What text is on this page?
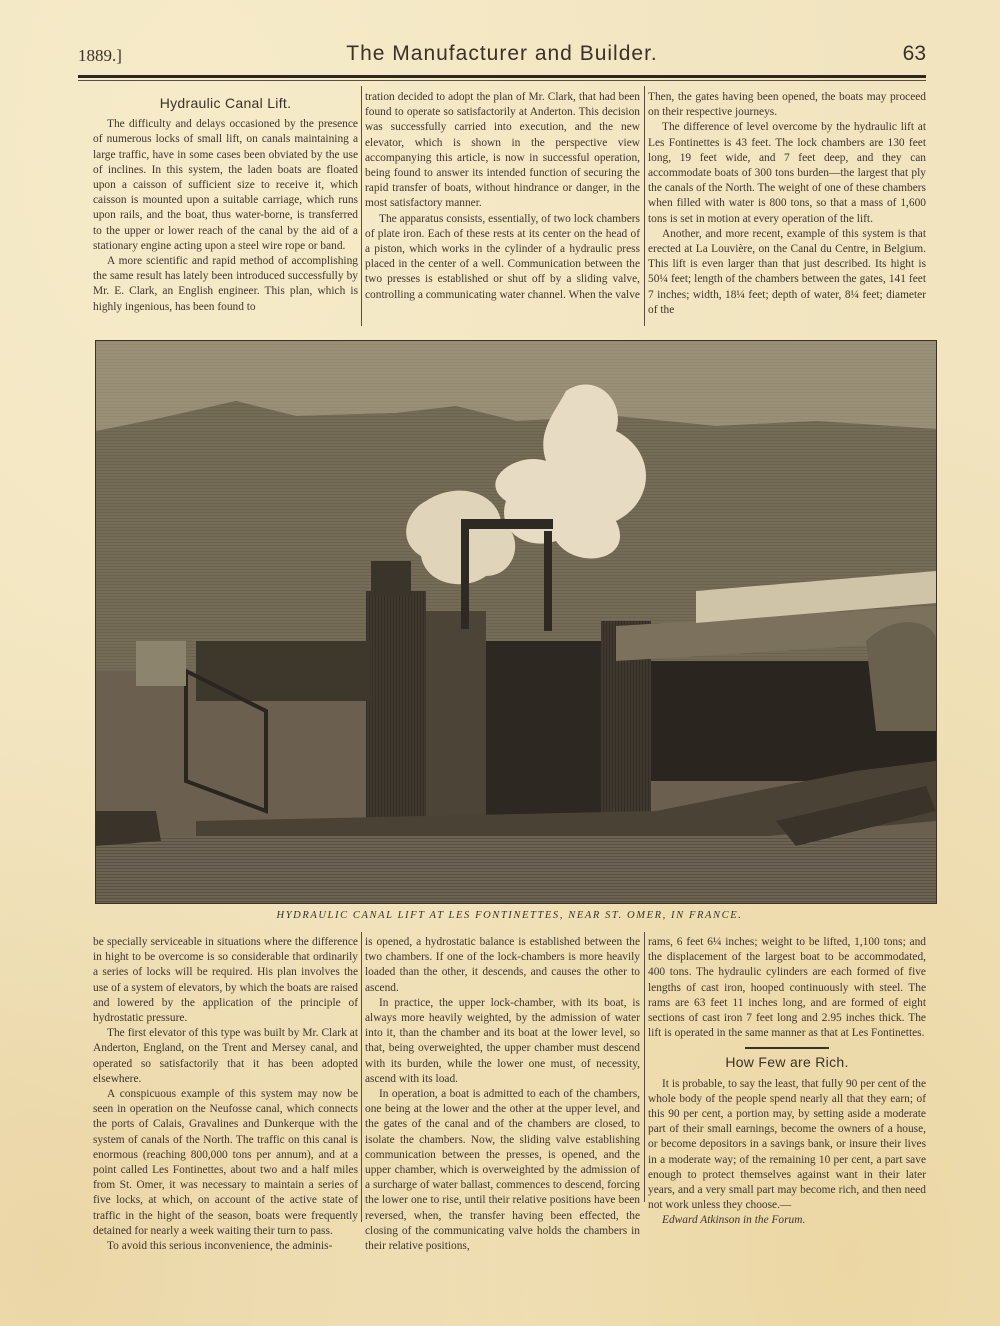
1889.]	The Manufacturer and Builder.	63
Hydraulic Canal Lift.

The difficulty and delays occasioned by the presence of numerous locks of small lift, on canals maintaining a large traffic, have in some cases been obviated by the use of inclines. In this system, the laden boats are floated upon a caisson of sufficient size to receive it, which caisson is mounted upon a suitable carriage, which runs upon rails, and the boat, thus water-borne, is transferred to the upper or lower reach of the canal by the aid of a stationary engine acting upon a steel wire rope or band.

A more scientific and rapid method of accomplishing the same result has lately been introduced successfully by Mr. E. Clark, an English engineer. This plan, which is highly ingenious, has been found to

tration decided to adopt the plan of Mr. Clark, that had been found to operate so satisfactorily at Anderton. This decision was successfully carried into execution, and the new elevator, which is shown in the perspective view accompanying this article, is now in successful operation, being found to answer its intended function of securing the rapid transfer of boats, without hindrance or danger, in the most satisfactory manner.

The apparatus consists, essentially, of two lock chambers of plate iron. Each of these rests at its center on the head of a piston, which works in the cylinder of a hydraulic press placed in the center of a well. Communication between the two presses is established or shut off by a sliding valve, controlling a communicating water channel. When the valve

Then, the gates having been opened, the boats may proceed on their respective journeys.

The difference of level overcome by the hydraulic lift at Les Fontinettes is 43 feet. The lock chambers are 130 feet long, 19 feet wide, and 7 feet deep, and they can accommodate boats of 300 tons burden—the largest that ply the canals of the North. The weight of one of these chambers when filled with water is 800 tons, so that a mass of 1,600 tons is set in motion at every operation of the lift.

Another, and more recent, example of this system is that erected at La Louvière, on the Canal du Centre, in Belgium. This lift is even larger than that just described. Its hight is 50¼ feet; length of the chambers between the gates, 141 feet 7 inches; width, 18¼ feet; depth of water, 8¼ feet; diameter of the

HYDRAULIC CANAL LIFT AT LES FONTINETTES, NEAR ST. OMER, IN FRANCE.

be specially serviceable in situations where the difference in hight to be overcome is so considerable that ordinarily a series of locks will be required. His plan involves the use of a system of elevators, by which the boats are raised and lowered by the application of the principle of hydrostatic pressure.

The first elevator of this type was built by Mr. Clark at Anderton, England, on the Trent and Mersey canal, and operated so satisfactorily that it has been adopted elsewhere.

A conspicuous example of this system may now be seen in operation on the Neufosse canal, which connects the ports of Calais, Gravalines and Dunkerque with the system of canals of the North. The traffic on this canal is enormous (reaching 800,000 tons per annum), and at a point called Les Fontinettes, about two and a half miles from St. Omer, it was necessary to maintain a series of five locks, at which, on account of the active state of traffic in the hight of the season, boats were frequently detained for nearly a week waiting their turn to pass.

To avoid this serious inconvenience, the adminis-

is opened, a hydrostatic balance is established between the two chambers. If one of the lock-chambers is more heavily loaded than the other, it descends, and causes the other to ascend.

In practice, the upper lock-chamber, with its boat, is always more heavily weighted, by the admission of water into it, than the chamber and its boat at the lower level, so that, being overweighted, the upper chamber must descend with its burden, while the lower one must, of necessity, ascend with its load.

In operation, a boat is admitted to each of the chambers, one being at the lower and the other at the upper level, and the gates of the canal and of the chambers are closed, to isolate the chambers. Now, the sliding valve establishing communication between the presses, is opened, and the upper chamber, which is overweighted by the admission of a surcharge of water ballast, commences to descend, forcing the lower one to rise, until their relative positions have been reversed, when, the transfer having been effected, the closing of the communicating valve holds the chambers in their relative positions,

rams, 6 feet 6¼ inches; weight to be lifted, 1,100 tons; and the displacement of the largest boat to be accommodated, 400 tons. The hydraulic cylinders are each formed of five lengths of cast iron, hooped continuously with steel. The rams are 63 feet 11 inches long, and are formed of eight sections of cast iron 7 feet long and 2.95 inches thick. The lift is operated in the same manner as that at Les Fontinettes.

How Few are Rich.

It is probable, to say the least, that fully 90 per cent of the whole body of the people spend nearly all that they earn; of this 90 per cent, a portion may, by setting aside a moderate part of their small earnings, become the owners of a house, or become depositors in a savings bank, or insure their lives in a moderate way; of the remaining 10 per cent, a part save enough to protect themselves against want in their later years, and a very small part may become rich, and then need not work unless they choose.—

Edward Atkinson in the Forum.
